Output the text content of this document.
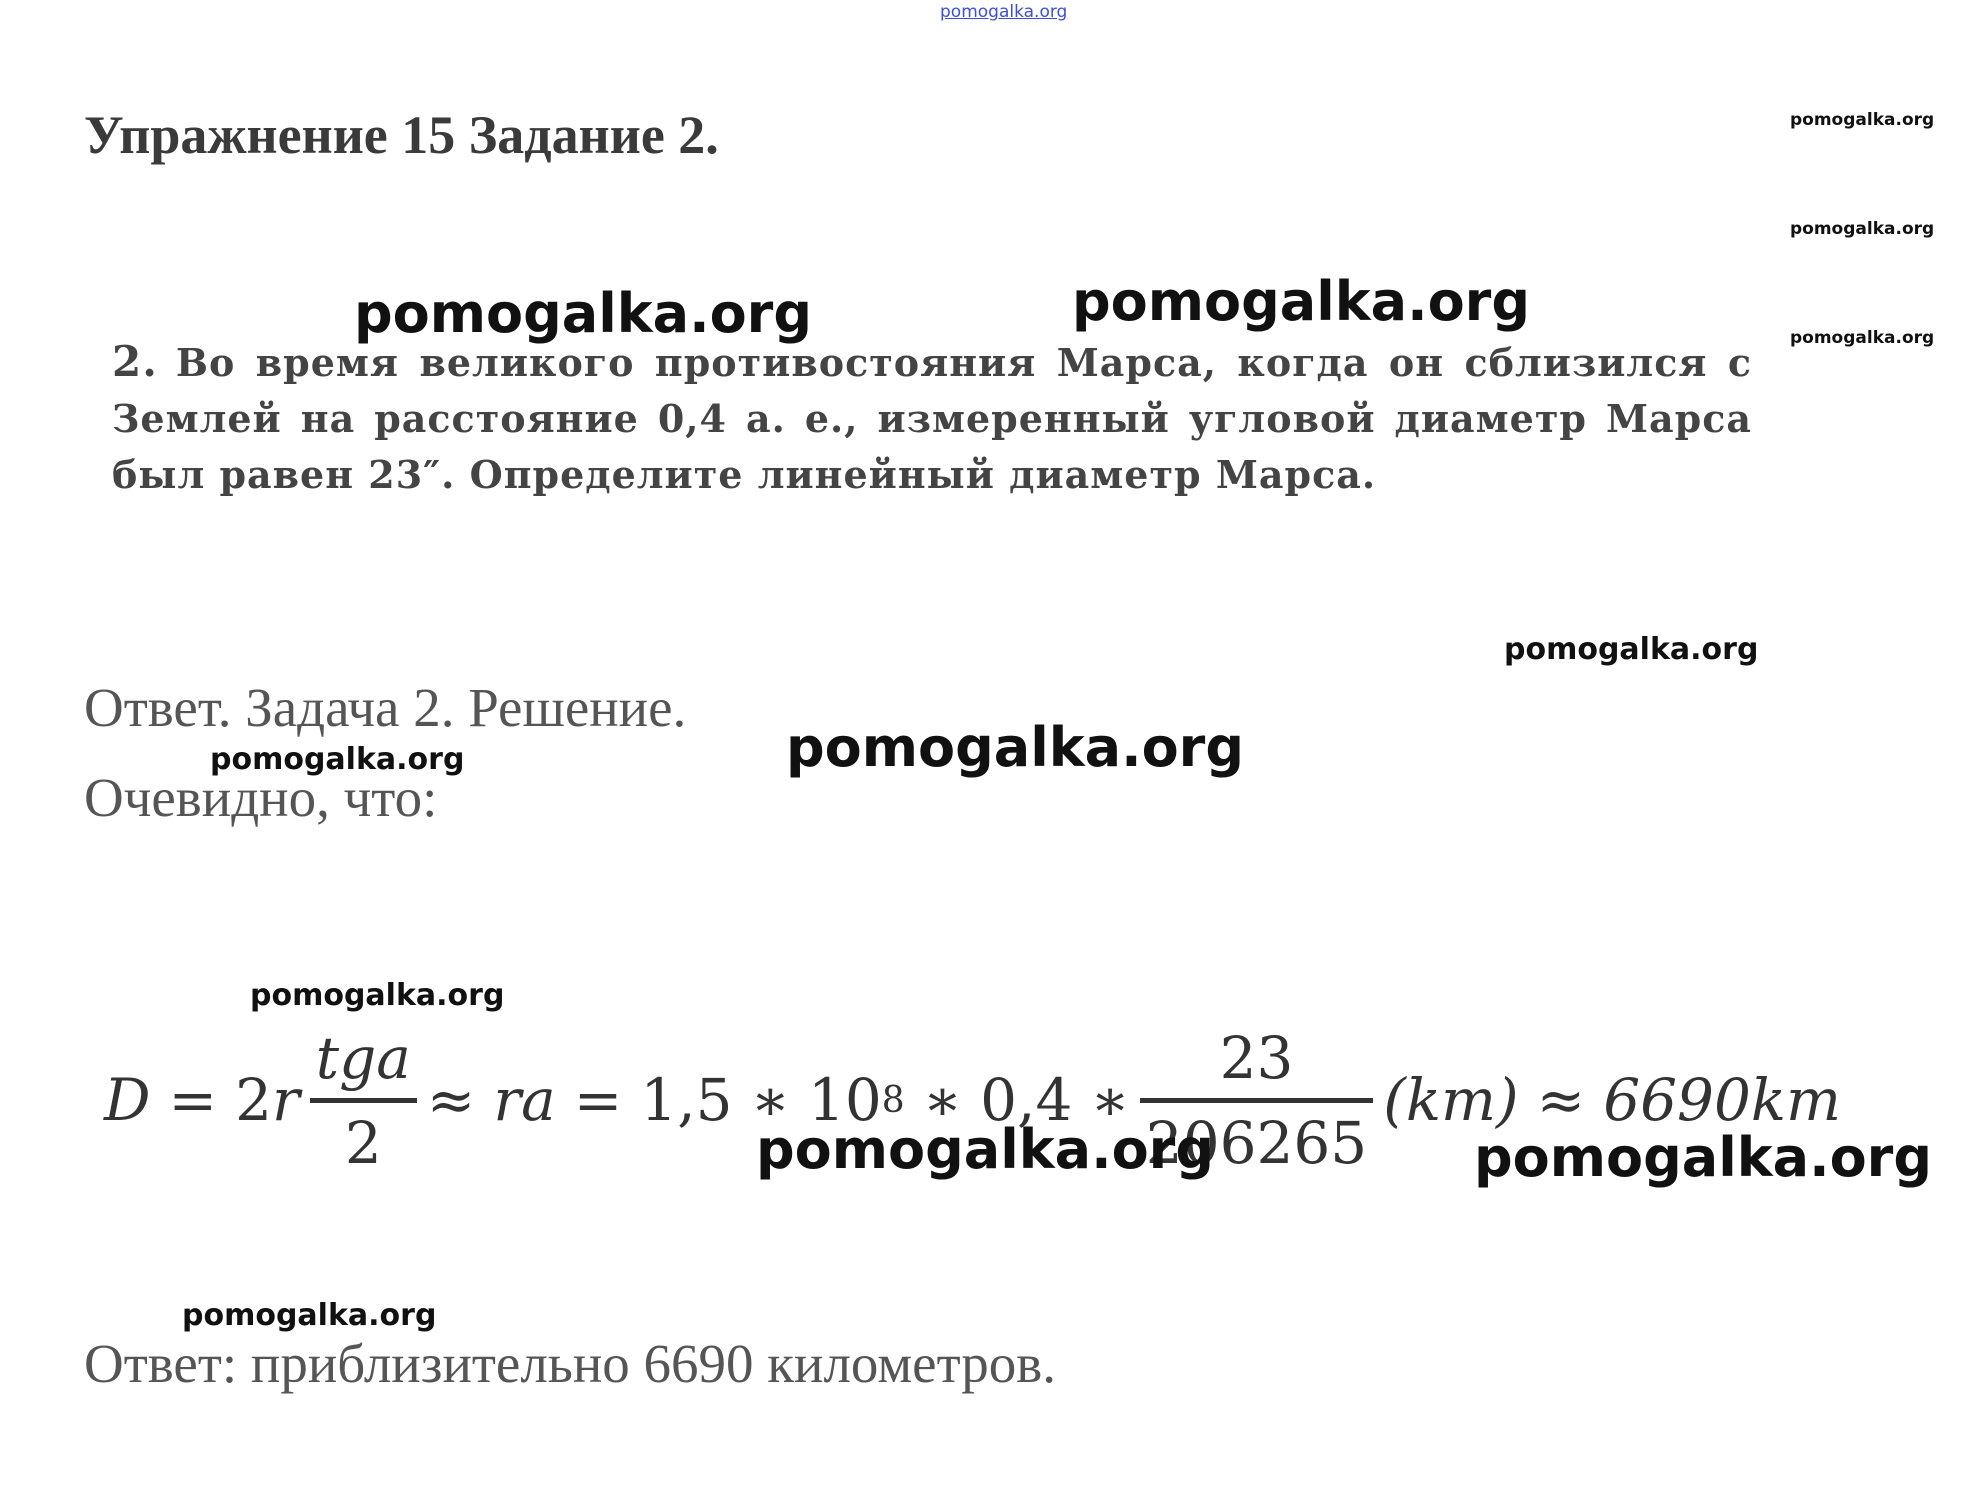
pomogalka.org
Упражнение 15 Задание 2.
2. Во время великого противостояния Марса, когда он сблизился с Землей на расстояние 0,4 а. е., измеренный угловой диаметр Марса был равен 23″. Определите линейный диаметр Марса.
Ответ. Задача 2. Решение.
Очевидно, что:
D = 2 r
tga
2
≈ ra = 1,5 ∗ 10 8 ∗ 0,4 ∗
23
206265
(km) ≈ 6690km
Ответ: приблизительно 6690 километров.
pomogalka.org
pomogalka.org
pomogalka.org
pomogalka.org	pomogalka.org
pomogalka.org
pomogalka.org
pomogalka.org
pomogalka.org
pomogalka.org	pomogalka.org
pomogalka.org
